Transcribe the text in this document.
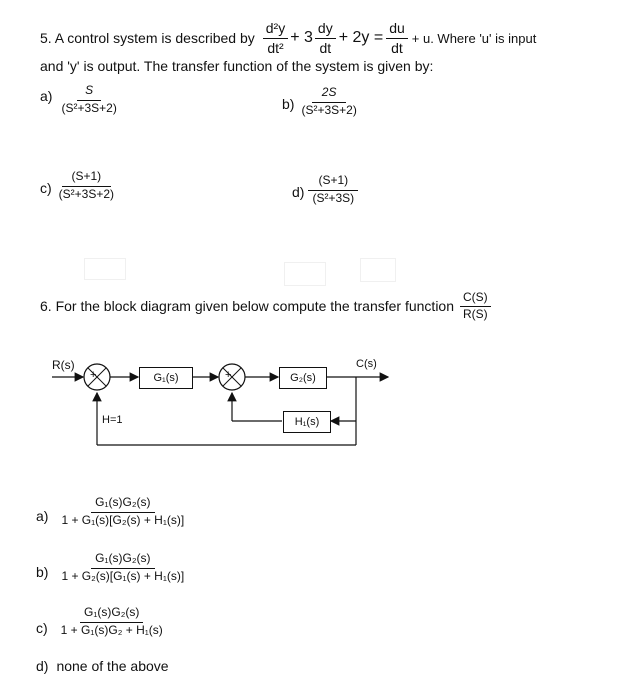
5. A control system is described by $\frac{\text{d²y}}{\text{dt²}} + 3 \frac{dy}{dt} + 2y = \frac{du}{dt} + u$. Where 'u' is input
and 'y' is output. The transfer function of the system is given by:
$a) \frac{S}{\text{(S²+3S+2)}}$	$b) \frac{2S}{\text{(S²+3S+2)}}$
$c) \frac{(S+1)}{\text{(S²+3S+2)}}$	$d) \frac{(S+1)}{\text{(S²+3S)}}$
6. For the block diagram given below compute the transfer function $\frac{C(S)}{R(S)}$
R(s)	C(s)
+	+
G₁(s)	G₂(s)
H₁(s)
H=1
$a) \frac{\text{G₁(s)G₂(s)}}{\text{1 + G₁(s)[G₂(s) + H₁(s)]}}$
$b) \frac{\text{G₁(s)G₂(s)}}{\text{1 + G₂(s)[G₁(s) + H₁(s)]}}$
$c) \frac{\text{G₁(s)G₂(s)}}{\text{1 + G₁(s)G₂ + H₁(s)}}$
d) none of the above
